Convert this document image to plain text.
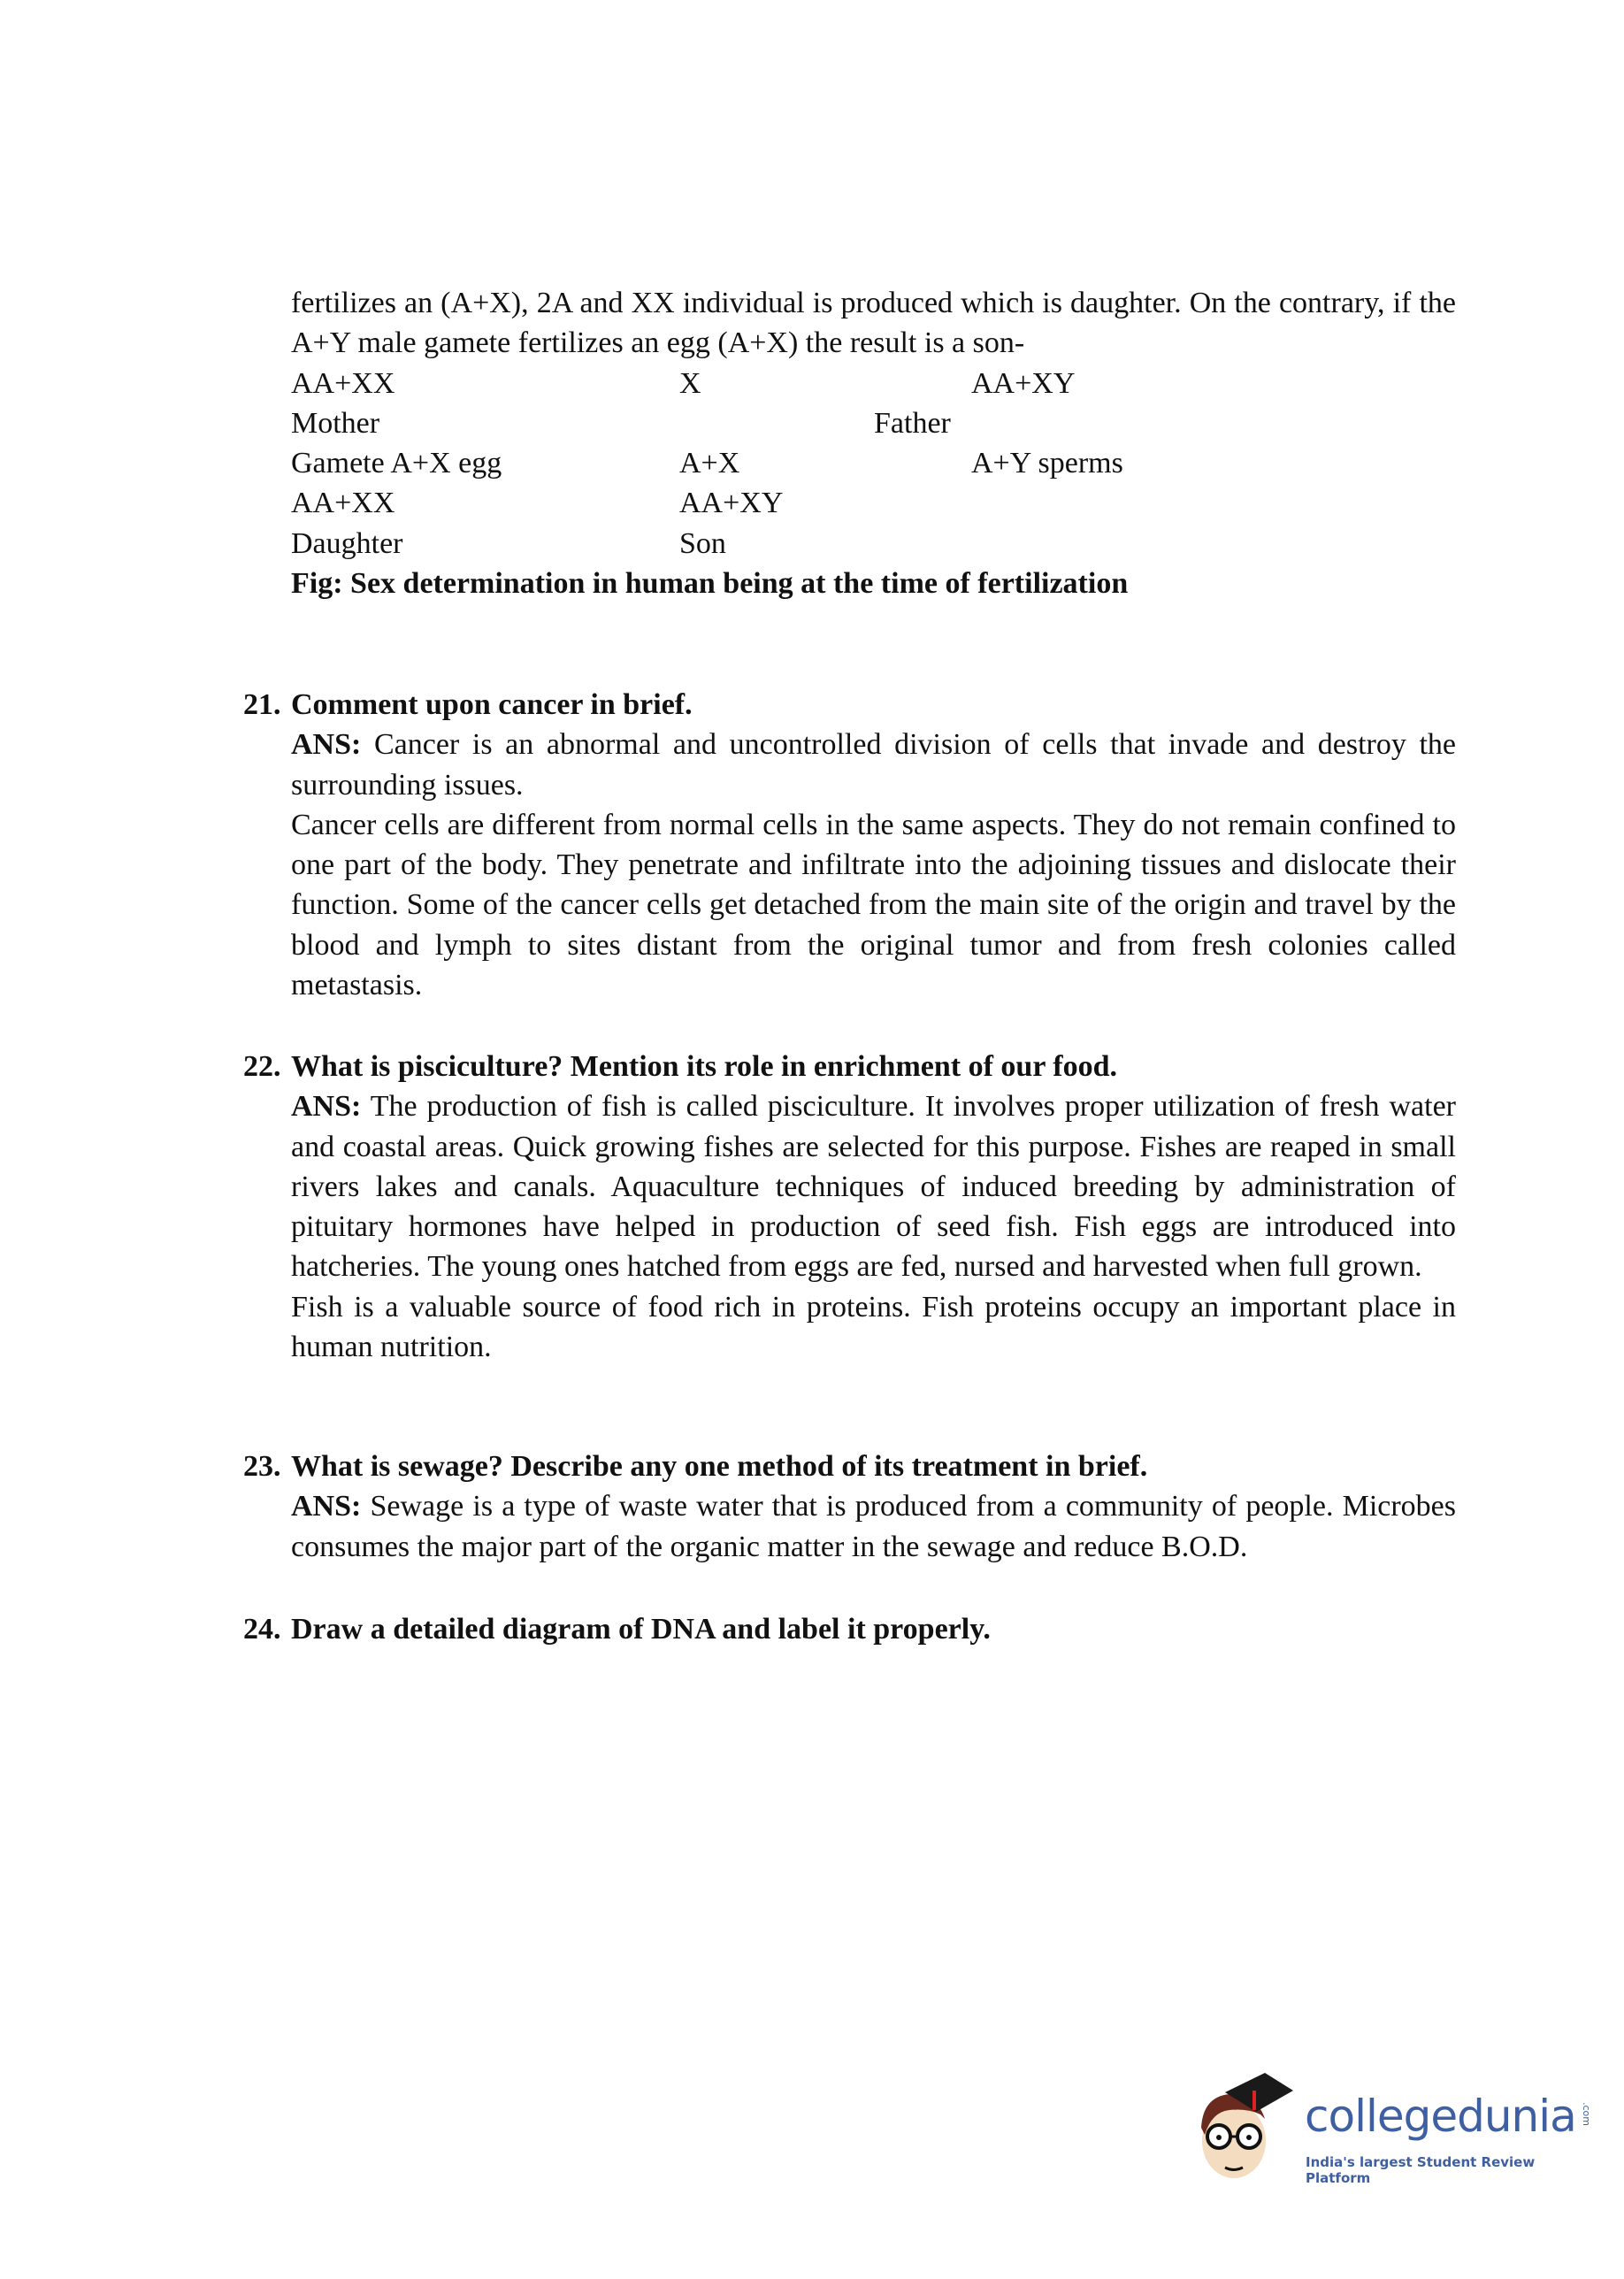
fertilizes an (A+X), 2A and XX individual is produced which is daughter. On the contrary, if the A+Y male gamete fertilizes an egg (A+X) the result is a son-

AA+XX	X	AA+XY
Mother	Father
Gamete A+X egg	A+X	A+Y sperms
AA+XX	AA+XY
Daughter	Son
Fig: Sex determination in human being at the time of fertilization
21. Comment upon cancer in brief.

ANS: Cancer is an abnormal and uncontrolled division of cells that invade and destroy the surrounding issues.

Cancer cells are different from normal cells in the same aspects. They do not remain confined to one part of the body. They penetrate and infiltrate into the adjoining tissues and dislocate their function. Some of the cancer cells get detached from the main site of the origin and travel by the blood and lymph to sites distant from the original tumor and from fresh colonies called metastasis.

22. What is pisciculture? Mention its role in enrichment of our food.

ANS: The production of fish is called pisciculture. It involves proper utilization of fresh water and coastal areas. Quick growing fishes are selected for this purpose. Fishes are reaped in small rivers lakes and canals. Aquaculture techniques of induced breeding by administration of pituitary hormones have helped in production of seed fish. Fish eggs are introduced into hatcheries. The young ones hatched from eggs are fed, nursed and harvested when full grown.

Fish is a valuable source of food rich in proteins. Fish proteins occupy an important place in human nutrition.

23. What is sewage? Describe any one method of its treatment in brief.

ANS: Sewage is a type of waste water that is produced from a community of people. Microbes consumes the major part of the organic matter in the sewage and reduce B.O.D.

24. Draw a detailed diagram of DNA and label it properly.
collegedunia .com
India's largest Student Review Platform
